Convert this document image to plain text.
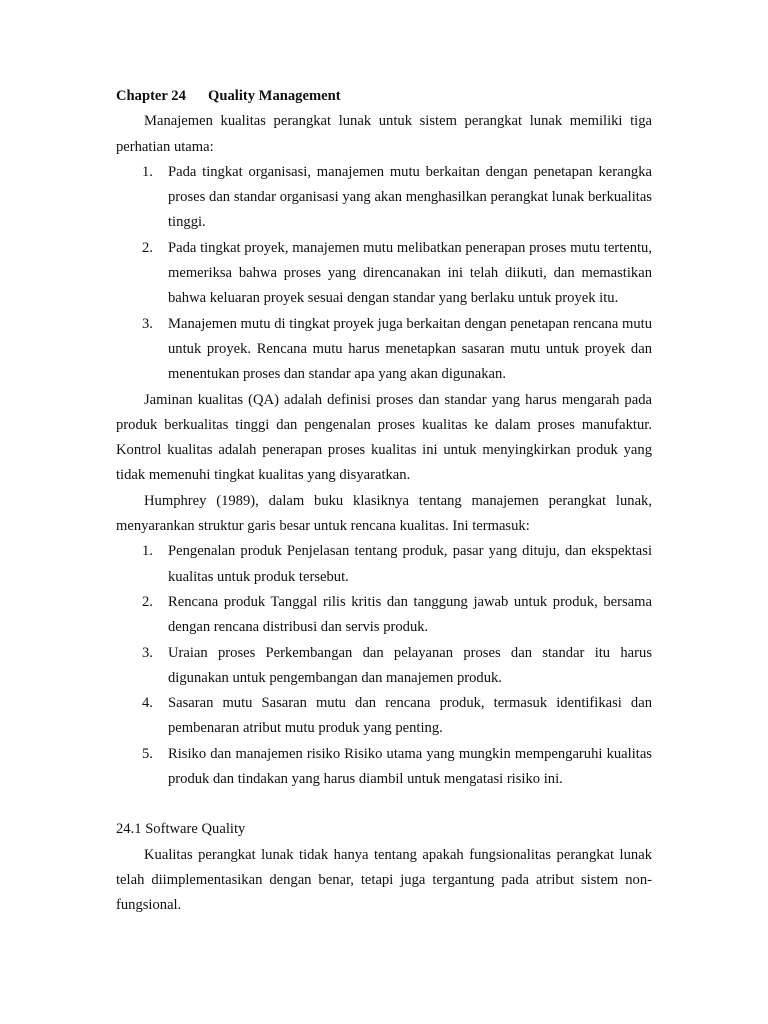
Chapter 24 Quality Management

Manajemen kualitas perangkat lunak untuk sistem perangkat lunak memiliki tiga perhatian utama:

1. Pada tingkat organisasi, manajemen mutu berkaitan dengan penetapan kerangka proses dan standar organisasi yang akan menghasilkan perangkat lunak berkualitas tinggi.
2. Pada tingkat proyek, manajemen mutu melibatkan penerapan proses mutu tertentu, memeriksa bahwa proses yang direncanakan ini telah diikuti, dan memastikan bahwa keluaran proyek sesuai dengan standar yang berlaku untuk proyek itu.
3. Manajemen mutu di tingkat proyek juga berkaitan dengan penetapan rencana mutu untuk proyek. Rencana mutu harus menetapkan sasaran mutu untuk proyek dan menentukan proses dan standar apa yang akan digunakan.

Jaminan kualitas (QA) adalah definisi proses dan standar yang harus mengarah pada produk berkualitas tinggi dan pengenalan proses kualitas ke dalam proses manufaktur. Kontrol kualitas adalah penerapan proses kualitas ini untuk menyingkirkan produk yang tidak memenuhi tingkat kualitas yang disyaratkan.

Humphrey (1989), dalam buku klasiknya tentang manajemen perangkat lunak, menyarankan struktur garis besar untuk rencana kualitas. Ini termasuk:

1. Pengenalan produk Penjelasan tentang produk, pasar yang dituju, dan ekspektasi kualitas untuk produk tersebut.
2. Rencana produk Tanggal rilis kritis dan tanggung jawab untuk produk, bersama dengan rencana distribusi dan servis produk.
3. Uraian proses Perkembangan dan pelayanan proses dan standar itu harus digunakan untuk pengembangan dan manajemen produk.
4. Sasaran mutu Sasaran mutu dan rencana produk, termasuk identifikasi dan pembenaran atribut mutu produk yang penting.
5. Risiko dan manajemen risiko Risiko utama yang mungkin mempengaruhi kualitas produk dan tindakan yang harus diambil untuk mengatasi risiko ini.

24.1 Software Quality

Kualitas perangkat lunak tidak hanya tentang apakah fungsionalitas perangkat lunak telah diimplementasikan dengan benar, tetapi juga tergantung pada atribut sistem non-fungsional.
